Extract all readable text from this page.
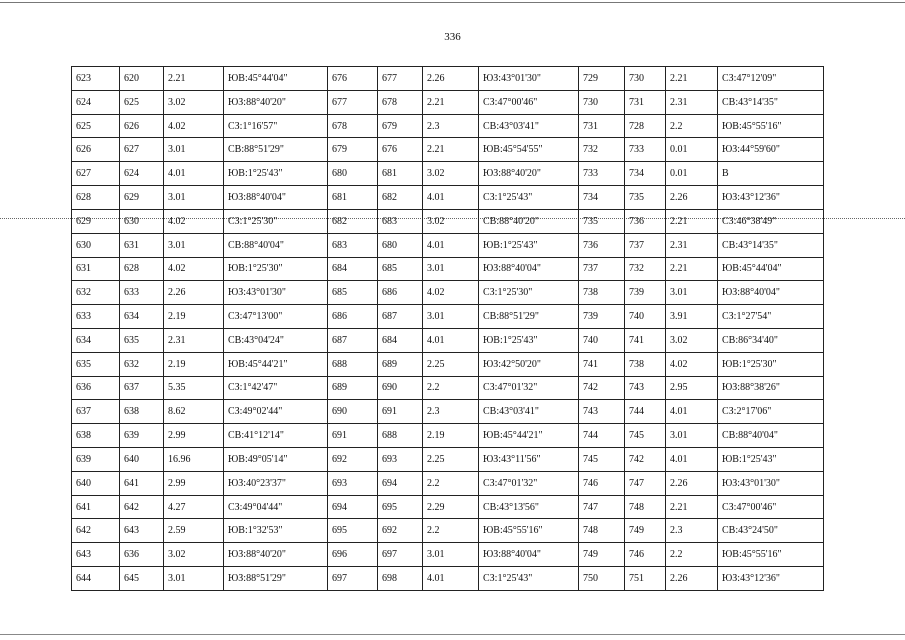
336
623	620	2.21	ЮВ:45°44'04"	676	677	2.26	ЮЗ:43°01'30"	729	730	2.21	СЗ:47°12'09"
624	625	3.02	ЮЗ:88°40'20"	677	678	2.21	СЗ:47°00'46"	730	731	2.31	СВ:43°14'35"
625	626	4.02	СЗ:1°16'57"	678	679	2.3	СВ:43°03'41"	731	728	2.2	ЮВ:45°55'16"
626	627	3.01	СВ:88°51'29"	679	676	2.21	ЮВ:45°54'55"	732	733	0.01	ЮЗ:44°59'60"
627	624	4.01	ЮВ:1°25'43"	680	681	3.02	ЮЗ:88°40'20"	733	734	0.01	В
628	629	3.01	ЮЗ:88°40'04"	681	682	4.01	СЗ:1°25'43"	734	735	2.26	ЮЗ:43°12'36"
629	630	4.02	СЗ:1°25'30"	682	683	3.02	СВ:88°40'20"	735	736	2.21	СЗ:46°38'49"
630	631	3.01	СВ:88°40'04"	683	680	4.01	ЮВ:1°25'43"	736	737	2.31	СВ:43°14'35"
631	628	4.02	ЮВ:1°25'30"	684	685	3.01	ЮЗ:88°40'04"	737	732	2.21	ЮВ:45°44'04"
632	633	2.26	ЮЗ:43°01'30"	685	686	4.02	СЗ:1°25'30"	738	739	3.01	ЮЗ:88°40'04"
633	634	2.19	СЗ:47°13'00"	686	687	3.01	СВ:88°51'29"	739	740	3.91	СЗ:1°27'54"
634	635	2.31	СВ:43°04'24"	687	684	4.01	ЮВ:1°25'43"	740	741	3.02	СВ:86°34'40"
635	632	2.19	ЮВ:45°44'21"	688	689	2.25	ЮЗ:42°50'20"	741	738	4.02	ЮВ:1°25'30"
636	637	5.35	СЗ:1°42'47"	689	690	2.2	СЗ:47°01'32"	742	743	2.95	ЮЗ:88°38'26"
637	638	8.62	СЗ:49°02'44"	690	691	2.3	СВ:43°03'41"	743	744	4.01	СЗ:2°17'06"
638	639	2.99	СВ:41°12'14"	691	688	2.19	ЮВ:45°44'21"	744	745	3.01	СВ:88°40'04"
639	640	16.96	ЮВ:49°05'14"	692	693	2.25	ЮЗ:43°11'56"	745	742	4.01	ЮВ:1°25'43"
640	641	2.99	ЮЗ:40°23'37"	693	694	2.2	СЗ:47°01'32"	746	747	2.26	ЮЗ:43°01'30"
641	642	4.27	СЗ:49°04'44"	694	695	2.29	СВ:43°13'56"	747	748	2.21	СЗ:47°00'46"
642	643	2.59	ЮВ:1°32'53"	695	692	2.2	ЮВ:45°55'16"	748	749	2.3	СВ:43°24'50"
643	636	3.02	ЮЗ:88°40'20"	696	697	3.01	ЮЗ:88°40'04"	749	746	2.2	ЮВ:45°55'16"
644	645	3.01	ЮЗ:88°51'29"	697	698	4.01	СЗ:1°25'43"	750	751	2.26	ЮЗ:43°12'36"
